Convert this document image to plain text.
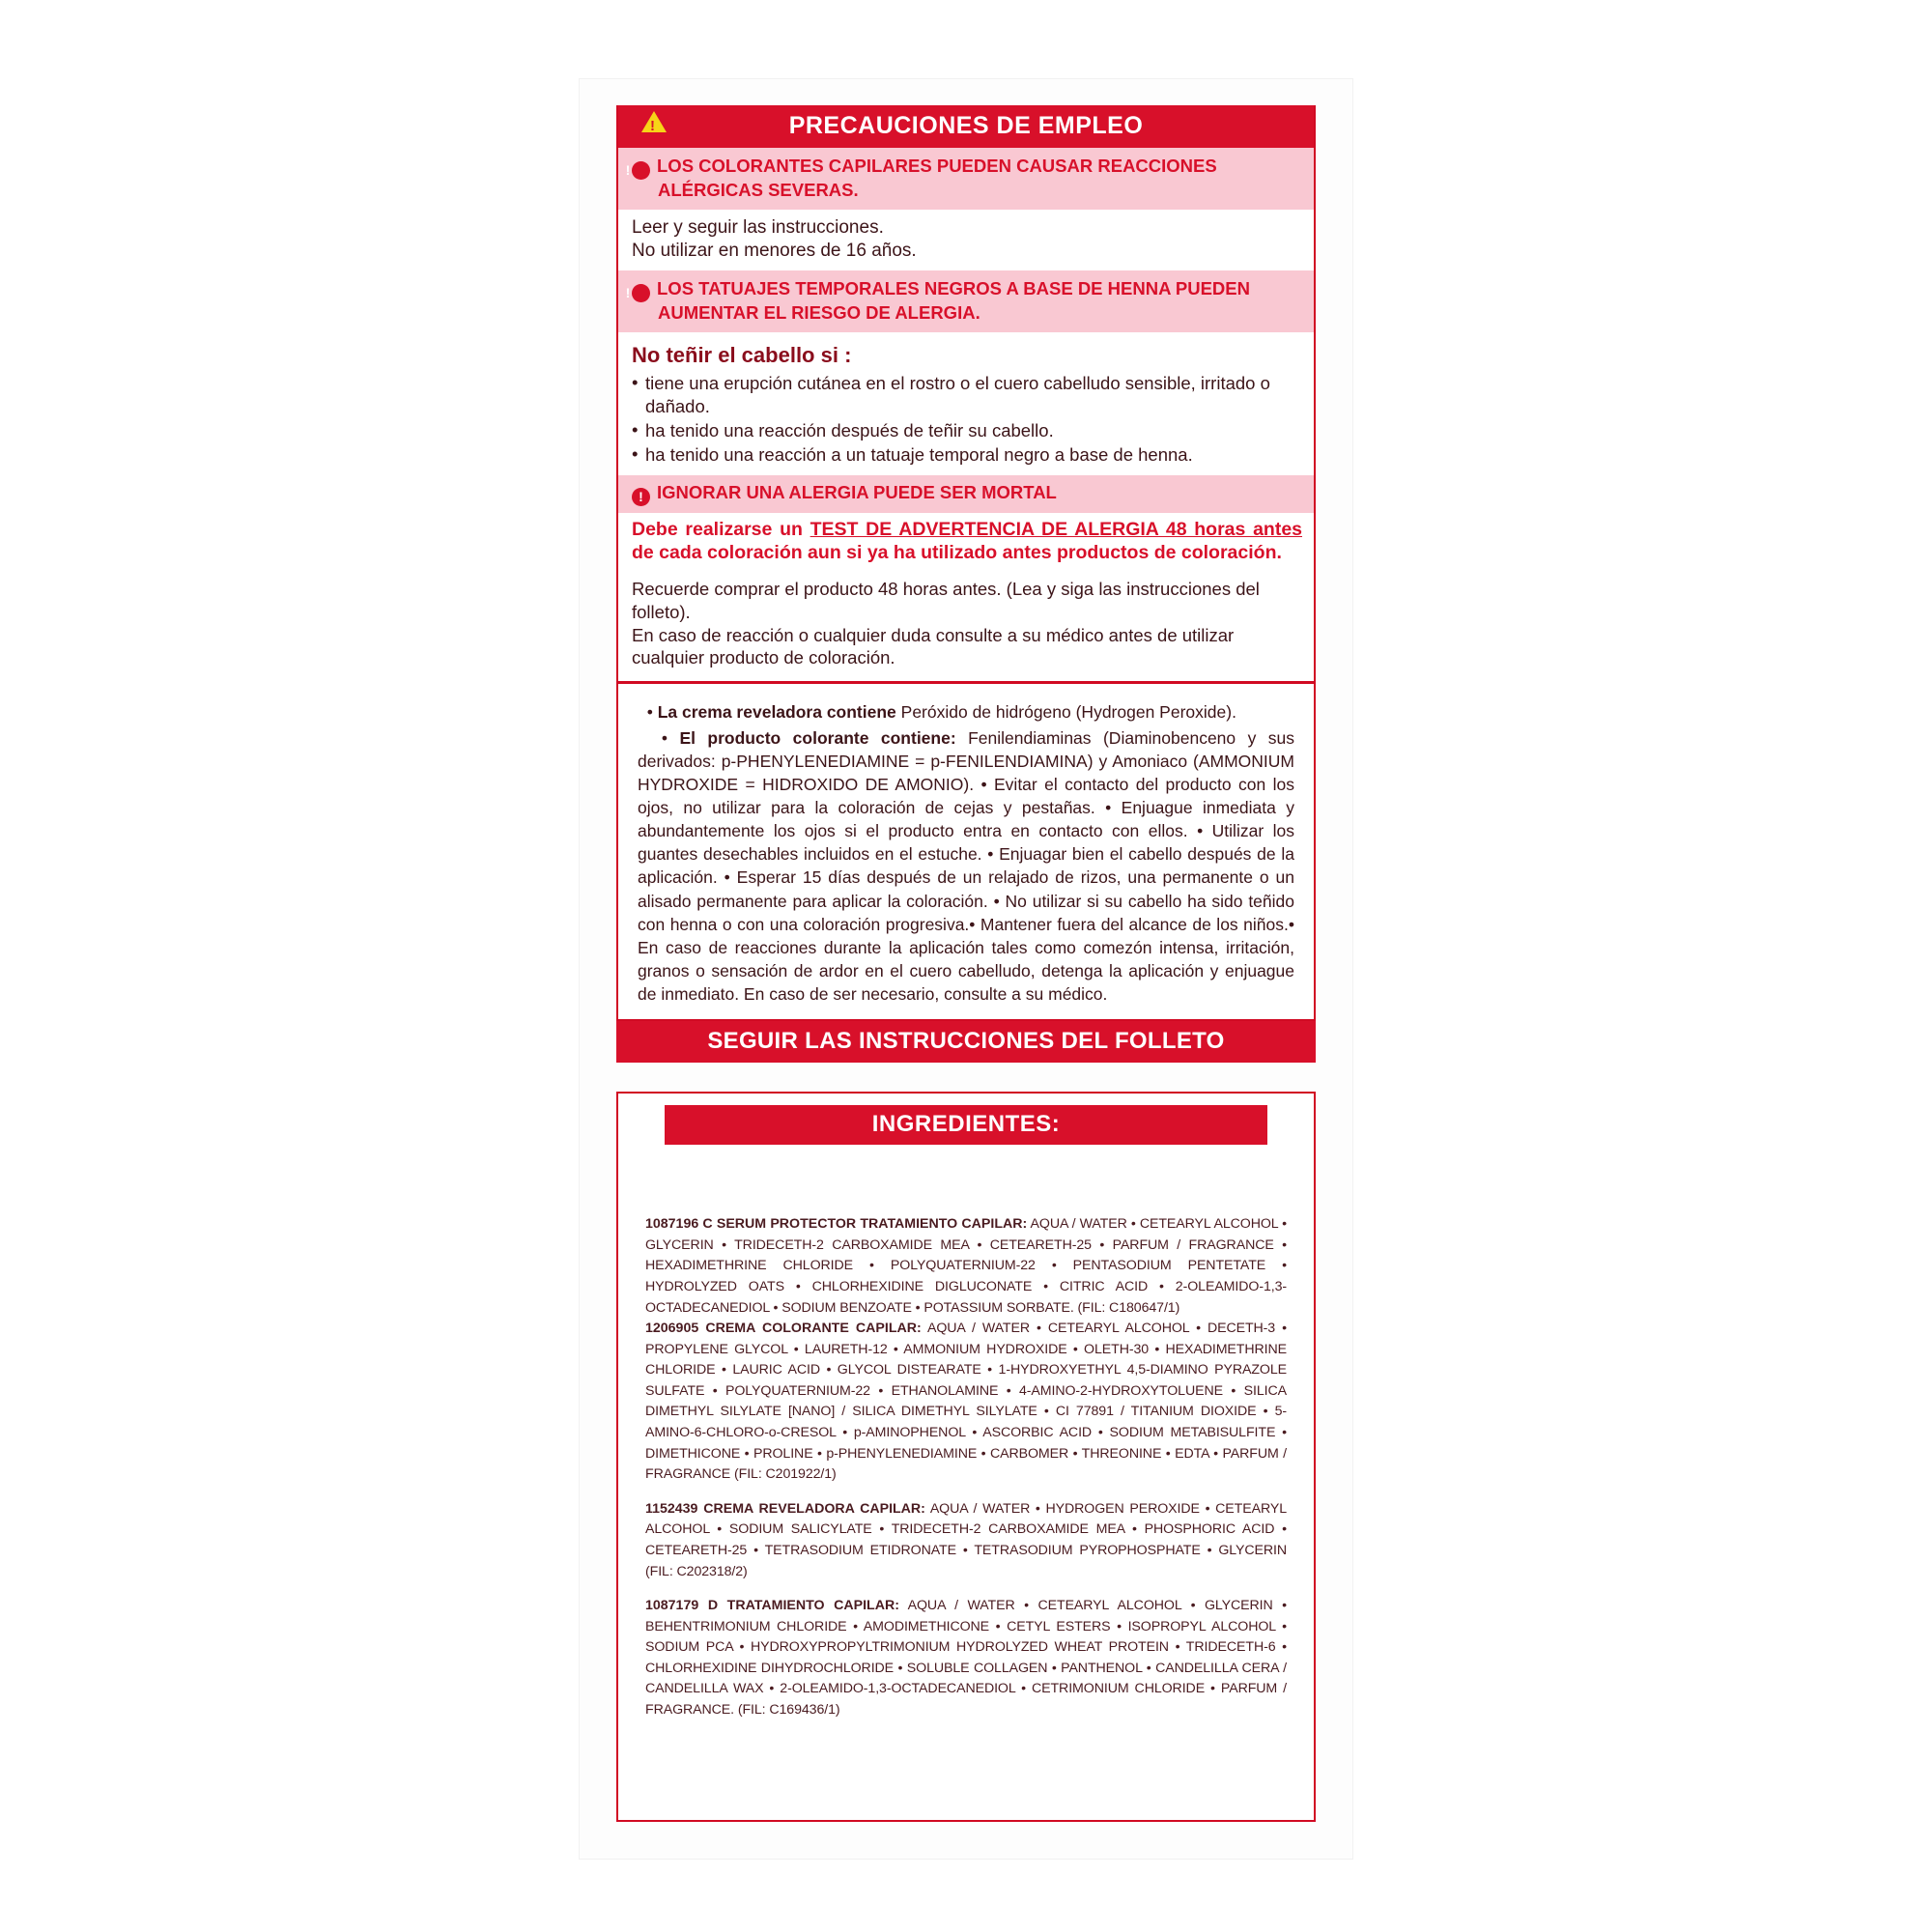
!	PRECAUCIONES DE EMPLEO
! LOS COLORANTES CAPILARES PUEDEN CAUSAR REACCIONES ALÉRGICAS SEVERAS.
Leer y seguir las instrucciones.
No utilizar en menores de 16 años.
! LOS TATUAJES TEMPORALES NEGROS A BASE DE HENNA PUEDEN AUMENTAR EL RIESGO DE ALERGIA.
No teñir el cabello si :
• tiene una erupción cutánea en el rostro o el cuero cabelludo sensible, irritado o dañado.
• ha tenido una reacción después de teñir su cabello.
• ha tenido una reacción a un tatuaje temporal negro a base de henna.
! IGNORAR UNA ALERGIA PUEDE SER MORTAL
Debe realizarse un TEST DE ADVERTENCIA DE ALERGIA 48 horas antes de cada coloración aun si ya ha utilizado antes productos de coloración.
Recuerde comprar el producto 48 horas antes. (Lea y siga las instrucciones del folleto).
En caso de reacción o cualquier duda consulte a su médico antes de utilizar cualquier producto de coloración.
• La crema reveladora contiene Peróxido de hidrógeno (Hydrogen Peroxide).
• El producto colorante contiene: Fenilendiaminas (Diaminobenceno y sus derivados: p-PHENYLENEDIAMINE = p-FENILENDIAMINA) y Amoniaco (AMMONIUM HYDROXIDE = HIDROXIDO DE AMONIO). • Evitar el contacto del producto con los ojos, no utilizar para la coloración de cejas y pestañas. • Enjuague inmediata y abundantemente los ojos si el producto entra en contacto con ellos. • Utilizar los guantes desechables incluidos en el estuche. • Enjuagar bien el cabello después de la aplicación. • Esperar 15 días después de un relajado de rizos, una permanente o un alisado permanente para aplicar la coloración. • No utilizar si su cabello ha sido teñido con henna o con una coloración progresiva.• Mantener fuera del alcance de los niños.• En caso de reacciones durante la aplicación tales como comezón intensa, irritación, granos o sensación de ardor en el cuero cabelludo, detenga la aplicación y enjuague de inmediato. En caso de ser necesario, consulte a su médico.
SEGUIR LAS INSTRUCCIONES DEL FOLLETO
INGREDIENTES:

1087196 C SERUM PROTECTOR TRATAMIENTO CAPILAR: AQUA / WATER • CETEARYL ALCOHOL • GLYCERIN • TRIDECETH-2 CARBOXAMIDE MEA • CETEARETH-25 • PARFUM / FRAGRANCE • HEXADIMETHRINE CHLORIDE • POLYQUATERNIUM-22 • PENTASODIUM PENTETATE • HYDROLYZED OATS • CHLORHEXIDINE DIGLUCONATE • CITRIC ACID • 2-OLEAMIDO-1,3-OCTADECANEDIOL • SODIUM BENZOATE • POTASSIUM SORBATE. (FIL: C180647/1)

1206905 CREMA COLORANTE CAPILAR: AQUA / WATER • CETEARYL ALCOHOL • DECETH-3 • PROPYLENE GLYCOL • LAURETH-12 • AMMONIUM HYDROXIDE • OLETH-30 • HEXADIMETHRINE CHLORIDE • LAURIC ACID • GLYCOL DISTEARATE • 1-HYDROXYETHYL 4,5-DIAMINO PYRAZOLE SULFATE • POLYQUATERNIUM-22 • ETHANOLAMINE • 4-AMINO-2-HYDROXYTOLUENE • SILICA DIMETHYL SILYLATE [NANO] / SILICA DIMETHYL SILYLATE • CI 77891 / TITANIUM DIOXIDE • 5-AMINO-6-CHLORO-o-CRESOL • p-AMINOPHENOL • ASCORBIC ACID • SODIUM METABISULFITE • DIMETHICONE • PROLINE • p-PHENYLENEDIAMINE • CARBOMER • THREONINE • EDTA • PARFUM / FRAGRANCE (FIL: C201922/1)

1152439 CREMA REVELADORA CAPILAR: AQUA / WATER • HYDROGEN PEROXIDE • CETEARYL ALCOHOL • SODIUM SALICYLATE • TRIDECETH-2 CARBOXAMIDE MEA • PHOSPHORIC ACID • CETEARETH-25 • TETRASODIUM ETIDRONATE • TETRASODIUM PYROPHOSPHATE • GLYCERIN (FIL: C202318/2)

1087179 D TRATAMIENTO CAPILAR: AQUA / WATER • CETEARYL ALCOHOL • GLYCERIN • BEHENTRIMONIUM CHLORIDE • AMODIMETHICONE • CETYL ESTERS • ISOPROPYL ALCOHOL • SODIUM PCA • HYDROXYPROPYLTRIMONIUM HYDROLYZED WHEAT PROTEIN • TRIDECETH-6 • CHLORHEXIDINE DIHYDROCHLORIDE • SOLUBLE COLLAGEN • PANTHENOL • CANDELILLA CERA / CANDELILLA WAX • 2-OLEAMIDO-1,3-OCTADECANEDIOL • CETRIMONIUM CHLORIDE • PARFUM / FRAGRANCE. (FIL: C169436/1)
